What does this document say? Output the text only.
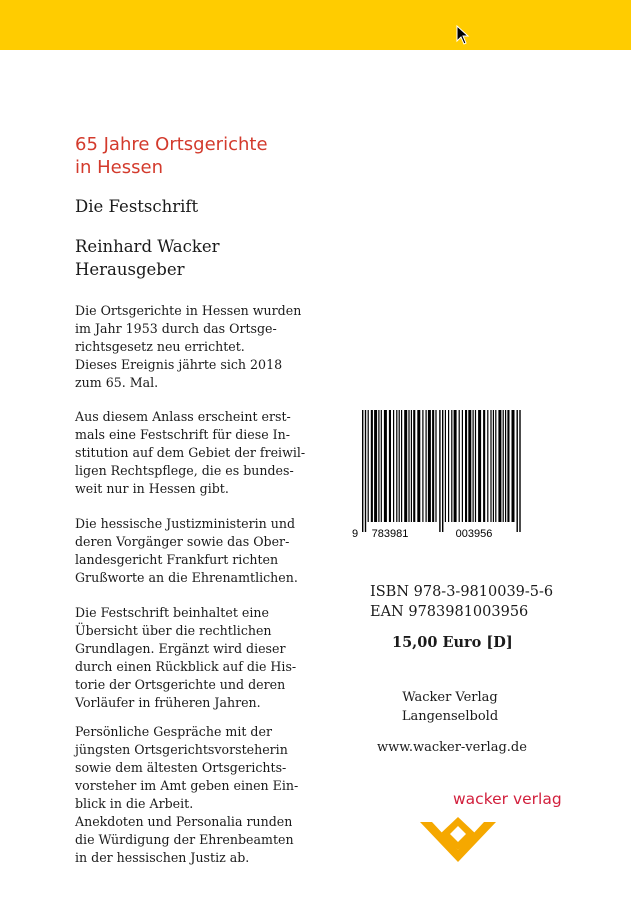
65 Jahre Ortsgerichte
in Hessen
Die Festschrift
Reinhard Wacker
Herausgeber
Die Ortsgerichte in Hessen wurden
im Jahr 1953 durch das Ortsge-
richtsgesetz neu errichtet.
Dieses Ereignis jährte sich 2018
zum 65. Mal.
Aus diesem Anlass erscheint erst-
mals eine Festschrift für diese In-
stitution auf dem Gebiet der freiwil-
ligen Rechtspflege, die es bundes-
weit nur in Hessen gibt.
Die hessische Justizministerin und
deren Vorgänger sowie das Ober-
landesgericht Frankfurt richten
Grußworte an die Ehrenamtlichen.
Die Festschrift beinhaltet eine
Übersicht über die rechtlichen
Grundlagen. Ergänzt wird dieser
durch einen Rückblick auf die His-
torie der Ortsgerichte und deren
Vorläufer in früheren Jahren.
Persönliche Gespräche mit der
jüngsten Ortsgerichtsvorsteherin
sowie dem ältesten Ortsgerichts-
vorsteher im Amt geben einen Ein-
blick in die Arbeit.
Anekdoten und Personalia runden
die Würdigung der Ehrenbeamten
in der hessischen Justiz ab.
9 783981	003956
ISBN 978-3-9810039-5-6
EAN 9783981003956
15,00 Euro [D]
Wacker Verlag
Langenselbold
www.wacker-verlag.de
wacker verlag
